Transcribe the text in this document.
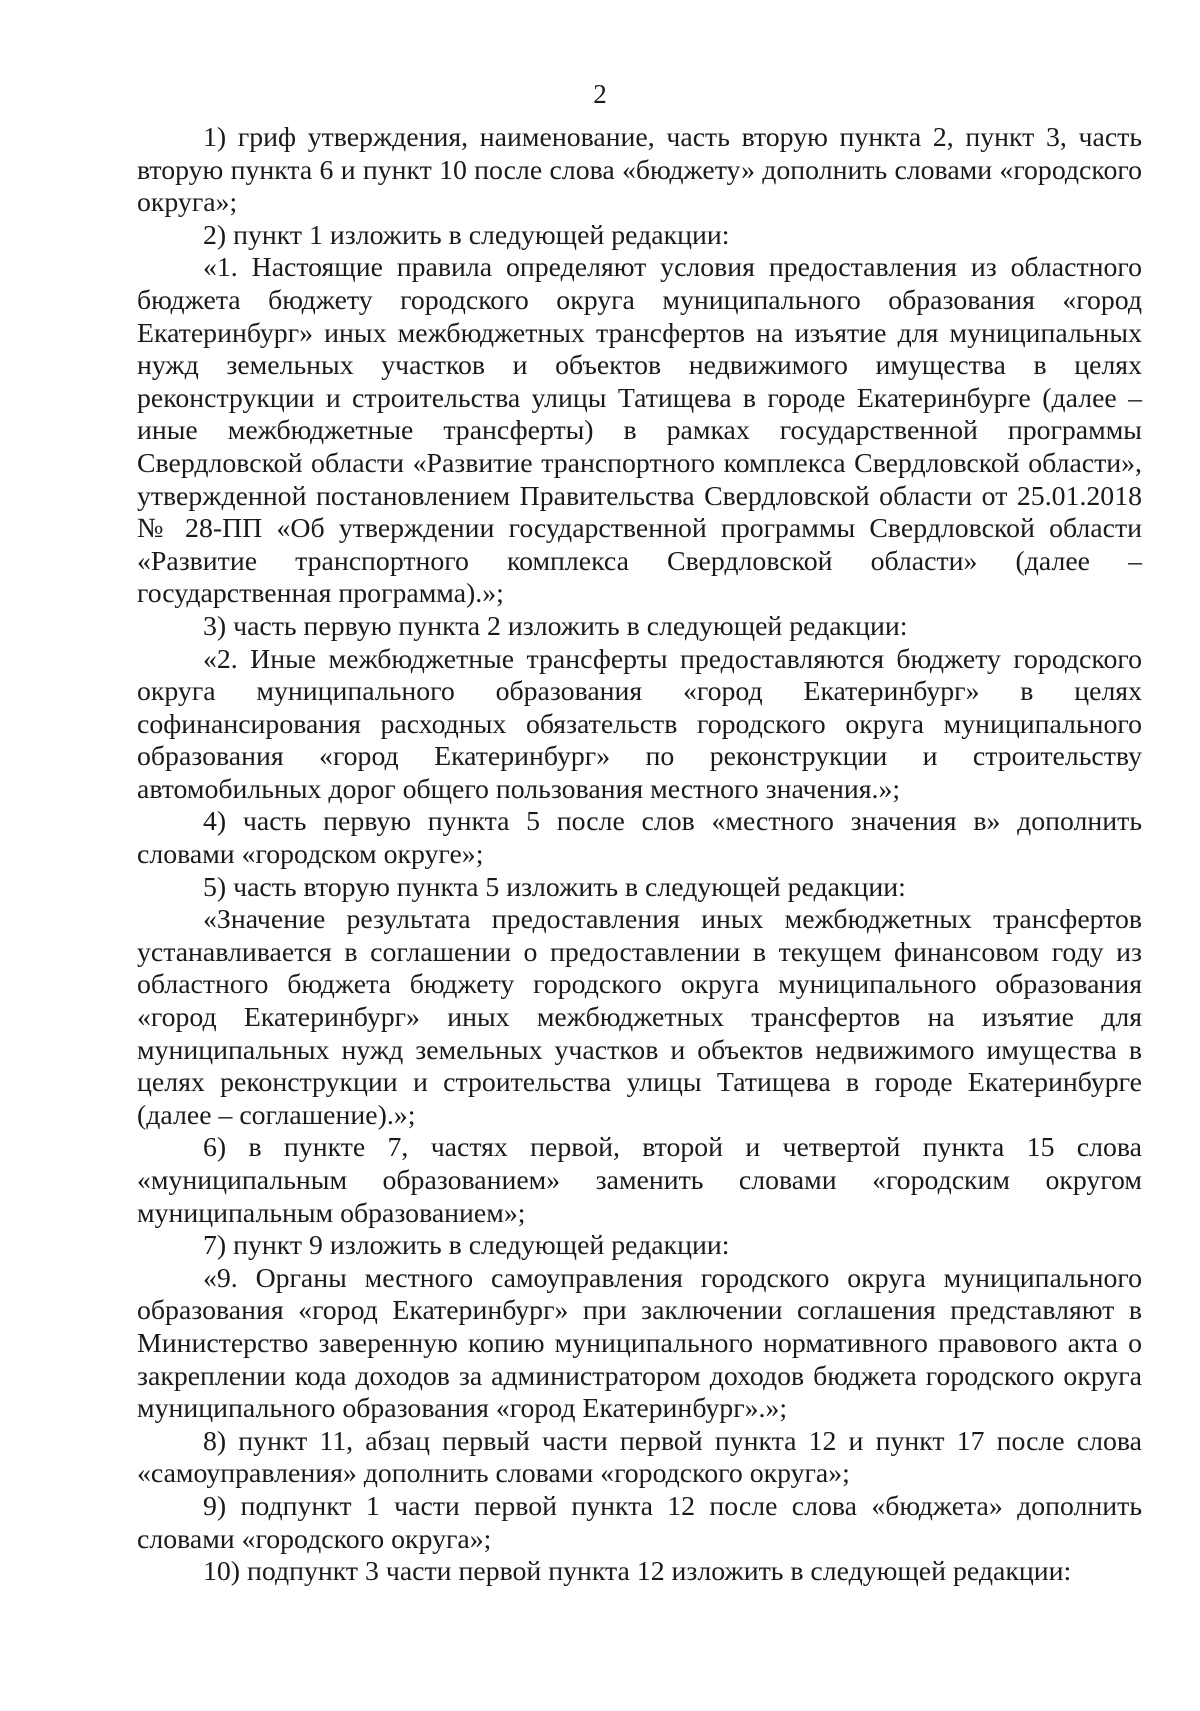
2

1) гриф утверждения, наименование, часть вторую пункта 2, пункт 3, часть вторую пункта 6 и пункт 10 после слова «бюджету» дополнить словами «городского округа»;

2) пункт 1 изложить в следующей редакции:

«1. Настоящие правила определяют условия предоставления из областного бюджета бюджету городского округа муниципального образования «город Екатеринбург» иных межбюджетных трансфертов на изъятие для муниципальных нужд земельных участков и объектов недвижимого имущества в целях реконструкции и строительства улицы Татищева в городе Екатеринбурге (далее – иные межбюджетные трансферты) в рамках государственной программы Свердловской области «Развитие транспортного комплекса Свердловской области», утвержденной постановлением Правительства Свердловской области от 25.01.2018 № 28-ПП «Об утверждении государственной программы Свердловской области «Развитие транспортного комплекса Свердловской области» (далее – государственная программа).»;

3) часть первую пункта 2 изложить в следующей редакции:

«2. Иные межбюджетные трансферты предоставляются бюджету городского округа муниципального образования «город Екатеринбург» в целях софинансирования расходных обязательств городского округа муниципального образования «город Екатеринбург» по реконструкции и строительству автомобильных дорог общего пользования местного значения.»;

4) часть первую пункта 5 после слов «местного значения в» дополнить словами «городском округе»;

5) часть вторую пункта 5 изложить в следующей редакции:

«Значение результата предоставления иных межбюджетных трансфертов устанавливается в соглашении о предоставлении в текущем финансовом году из областного бюджета бюджету городского округа муниципального образования «город Екатеринбург» иных межбюджетных трансфертов на изъятие для муниципальных нужд земельных участков и объектов недвижимого имущества в целях реконструкции и строительства улицы Татищева в городе Екатеринбурге (далее – соглашение).»;

6) в пункте 7, частях первой, второй и четвертой пункта 15 слова «муниципальным образованием» заменить словами «городским округом муниципальным образованием»;

7) пункт 9 изложить в следующей редакции:

«9. Органы местного самоуправления городского округа муниципального образования «город Екатеринбург» при заключении соглашения представляют в Министерство заверенную копию муниципального нормативного правового акта о закреплении кода доходов за администратором доходов бюджета городского округа муниципального образования «город Екатеринбург».»;

8) пункт 11, абзац первый части первой пункта 12 и пункт 17 после слова «самоуправления» дополнить словами «городского округа»;

9) подпункт 1 части первой пункта 12 после слова «бюджета» дополнить словами «городского округа»;

10) подпункт 3 части первой пункта 12 изложить в следующей редакции:
